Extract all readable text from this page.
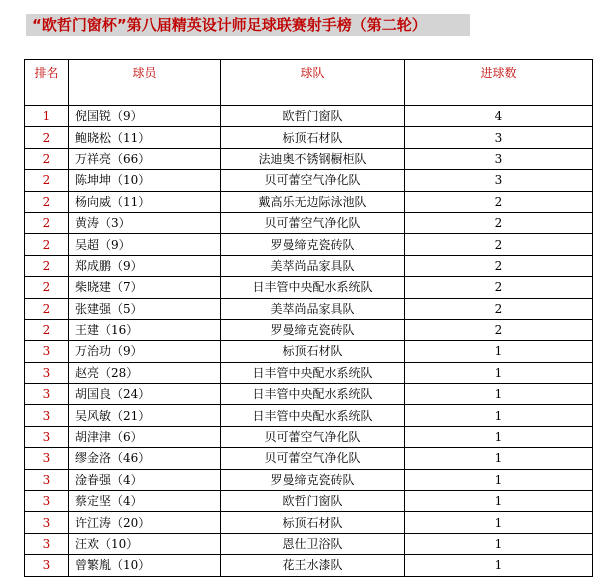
“欧哲门窗杯”第八届精英设计师足球联赛射手榜（第二轮）
排名	球员	球队	进球数
1	倪国锐（9）	欧哲门窗队	4
2	鲍晓松（11）	标顶石材队	3
2	万祥亮（66）	法迪奥不锈钢橱柜队	3
2	陈坤坤（10）	贝可蕾空气净化队	3
2	杨向威（11）	戴高乐无边际泳池队	2
2	黄涛（3）	贝可蕾空气净化队	2
2	吴超（9）	罗曼缔克瓷砖队	2
2	郑成鹏（9）	美萃尚品家具队	2
2	柴晓建（7）	日丰管中央配水系统队	2
2	张建强（5）	美萃尚品家具队	2
2	王建（16）	罗曼缔克瓷砖队	2
3	万治功（9）	标顶石材队	1
3	赵亮（28）	日丰管中央配水系统队	1
3	胡国良（24）	日丰管中央配水系统队	1
3	吴风敏（21）	日丰管中央配水系统队	1
3	胡津津（6）	贝可蕾空气净化队	1
3	缪金洛（46）	贝可蕾空气净化队	1
3	淦眷强（4）	罗曼缔克瓷砖队	1
3	蔡定坚（4）	欧哲门窗队	1
3	许江涛（20）	标顶石材队	1
3	汪欢（10）	恩仕卫浴队	1
3	曾繁胤（10）	花王水漆队	1
